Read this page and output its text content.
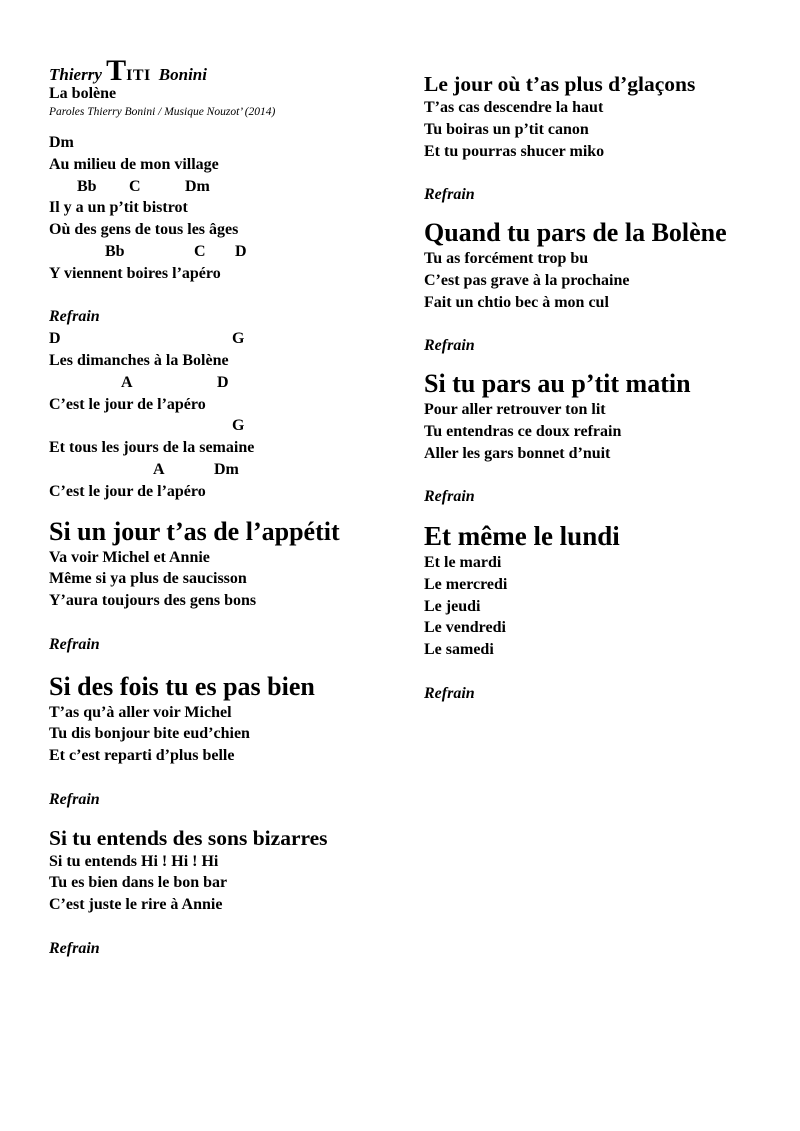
Thierry TITI Bonini
La bolène
Paroles Thierry Bonini / Musique Nouzot’ (2014)
Dm
Au milieu de mon village
Bb C	Dm
Il y a un p’tit bistrot
Où des gens de tous les âges
Bb	C D
Y viennent boires l’apéro
Refrain
D	G
Les dimanches à la Bolène
A	D
C’est le jour de l’apéro
G
Et tous les jours de la semaine
A	Dm
C’est le jour de l’apéro
Si un jour t’as de l’appétit
Va voir Michel et Annie
Même si ya plus de saucisson
Y’aura toujours des gens bons
Refrain
Si des fois tu es pas bien
T’as qu’à aller voir Michel
Tu dis bonjour bite eud’chien
Et c’est reparti d’plus belle
Refrain
Si tu entends des sons bizarres
Si tu entends Hi ! Hi ! Hi
Tu es bien dans le bon bar
C’est juste le rire à Annie
Refrain
Le jour où t’as plus d’glaçons
T’as cas descendre la haut
Tu boiras un p’tit canon
Et tu pourras shucer miko
Refrain
Quand tu pars de la Bolène
Tu as forcément trop bu
C’est pas grave à la prochaine
Fait un chtio bec à mon cul
Refrain
Si tu pars au p’tit matin
Pour aller retrouver ton lit
Tu entendras ce doux refrain
Aller les gars bonnet d’nuit
Refrain
Et même le lundi
Et le mardi
Le mercredi
Le jeudi
Le vendredi
Le samedi
Refrain
